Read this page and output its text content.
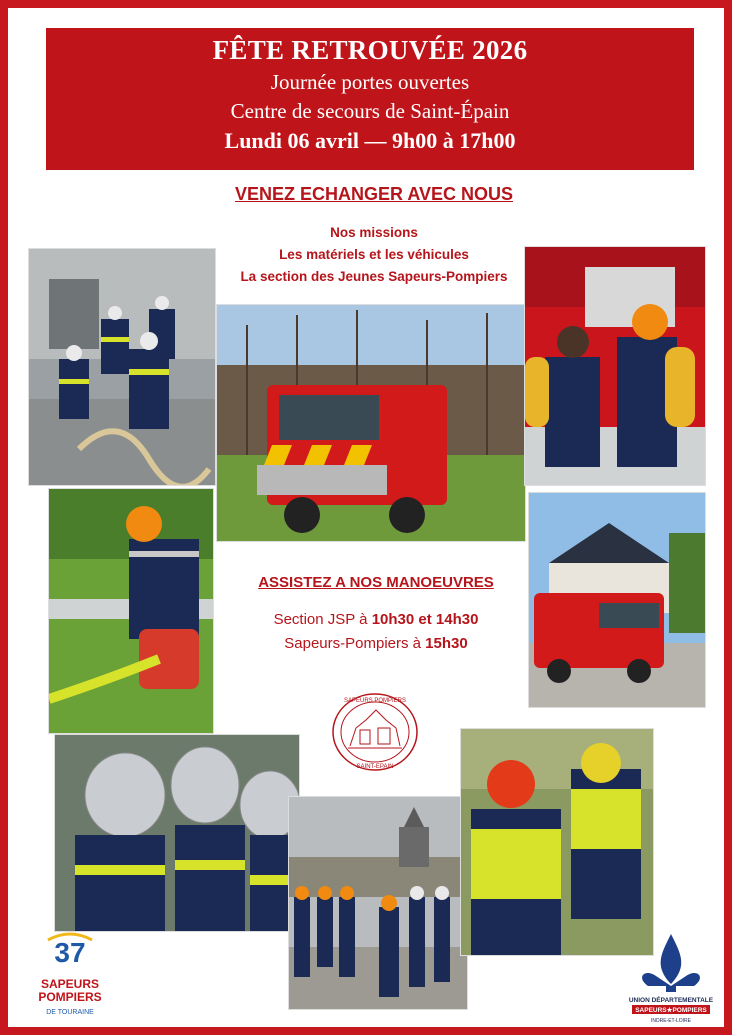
FÊTE RETROUVÉE 2026
Journée portes ouvertes
Centre de secours de Saint-Épain
Lundi 06 avril — 9h00 à 17h00
VENEZ ECHANGER AVEC NOUS
Nos missions
Les matériels et les véhicules
La section des Jeunes Sapeurs-Pompiers
ASSISTEZ A NOS MANOEUVRES
Section JSP à 10h30 et 14h30
Sapeurs-Pompiers à 15h30
SAPEURS POMPIERS
SAINT-EPAIN
37
SAPEURS
POMPIERS
DE TOURAINE
UNION DÉPARTEMENTALE
SAPEURS★POMPIERS
INDRE-ET-LOIRE
